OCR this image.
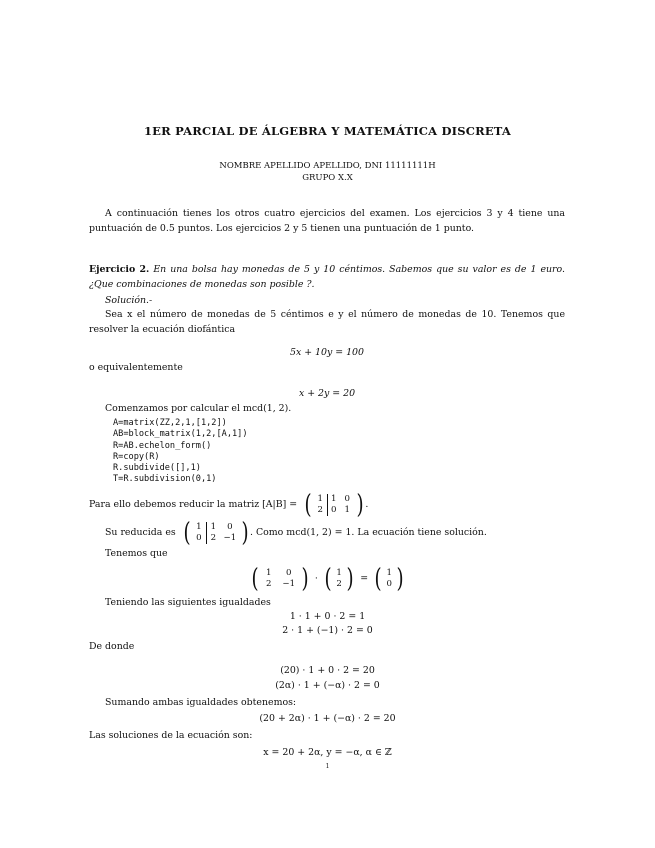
1ER PARCIAL DE ÁLGEBRA Y MATEMÁTICA DISCRETA
NOMBRE APELLIDO APELLIDO, DNI 11111111H
GRUPO X.X
A continuación tienes los otros cuatro ejercicios del examen. Los ejercicios 3 y 4 tiene una puntuación de 0.5 puntos. Los ejercicios 2 y 5 tienen una puntuación de 1 punto.
Ejercicio 2. En una bolsa hay monedas de 5 y 10 céntimos. Sabemos que su valor es de 1 euro. ¿Que combinaciones de monedas son posible ?.
Solución.-
Sea x el número de monedas de 5 céntimos e y el número de monedas de 10. Tenemos que resolver la ecuación diofántica
5x + 10y = 100
o equivalentemente
x + 2y = 20
Comenzamos por calcular el mcd(1, 2).
A=matrix(ZZ,2,1,[1,2])
AB=block_matrix(1,2,[A,1])
R=AB.echelon_form()
R=copy(R)
R.subdivide([],1)
T=R.subdivision(0,1)
Para ello debemos reducir la matriz [A|B] = ( 1 1 0
2 0 1 ) .
Su reducida es ( 1	1	0
0	2 −1 ) . Como mcd(1, 2) = 1. La ecuación tiene solución.
Tenemos que
( 1	0
2	−1 ) · ( 1
2 ) = ( 1
0 )
Teniendo las siguientes igualdades
1 · 1 + 0 · 2 = 1
2 · 1 + (−1) · 2 = 0
De donde
(20) · 1 + 0 · 2 = 20
(2α) · 1 + (−α) · 2 = 0
Sumando ambas igualdades obtenemos:
(20 + 2α) · 1 + (−α) · 2 = 20
Las soluciones de la ecuación son:
x = 20 + 2α, y = −α, α ∈ ℤ
1
